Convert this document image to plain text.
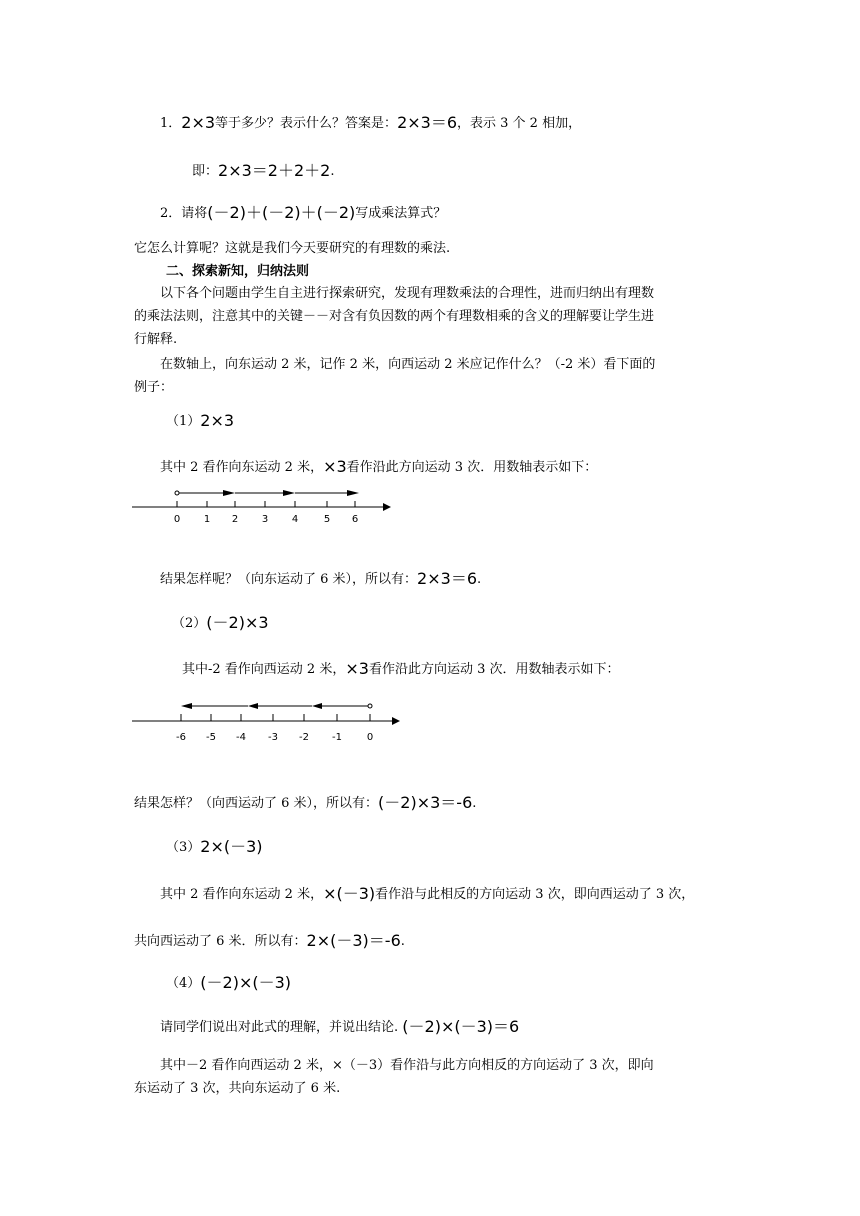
1．2×3等于多少？表示什么？答案是：2×3＝6，表示 3 个 2 相加，
即：2×3＝2＋2＋2.
2．请将(－2)＋(－2)＋(－2)写成乘法算式？
它怎么计算呢？这就是我们今天要研究的有理数的乘法.
二、探索新知，归纳法则
以下各个问题由学生自主进行探索研究，发现有理数乘法的合理性，进而归纳出有理数
的乘法法则，注意其中的关键－－对含有负因数的两个有理数相乘的含义的理解要让学生进
行解释.
在数轴上，向东运动 2 米，记作 2 米，向西运动 2 米应记作什么？（-2 米）看下面的
例子：
（1）2×3
其中 2 看作向东运动 2 米，×3看作沿此方向运动 3 次．用数轴表示如下：
0 1 2 3 4	5 6
结果怎样呢？（向东运动了 6 米），所以有：2×3＝6.
（2）(－2)×3
其中-2 看作向西运动 2 米，×3看作沿此方向运动 3 次．用数轴表示如下：
-6 -5 -4 -3 -2 -1 0
结果怎样？（向西运动了 6 米），所以有：(－2)×3＝-6.
（3）2×(－3)
其中 2 看作向东运动 2 米，×(－3)看作沿与此相反的方向运动 3 次，即向西运动了 3 次，
共向西运动了 6 米．所以有：2×(－3)＝-6.
（4）(－2)×(－3)
请同学们说出对此式的理解，并说出结论. (－2)×(－3)＝6
其中－2 看作向西运动 2 米，×（－3）看作沿与此方向相反的方向运动了 3 次，即向
东运动了 3 次，共向东运动了 6 米.
